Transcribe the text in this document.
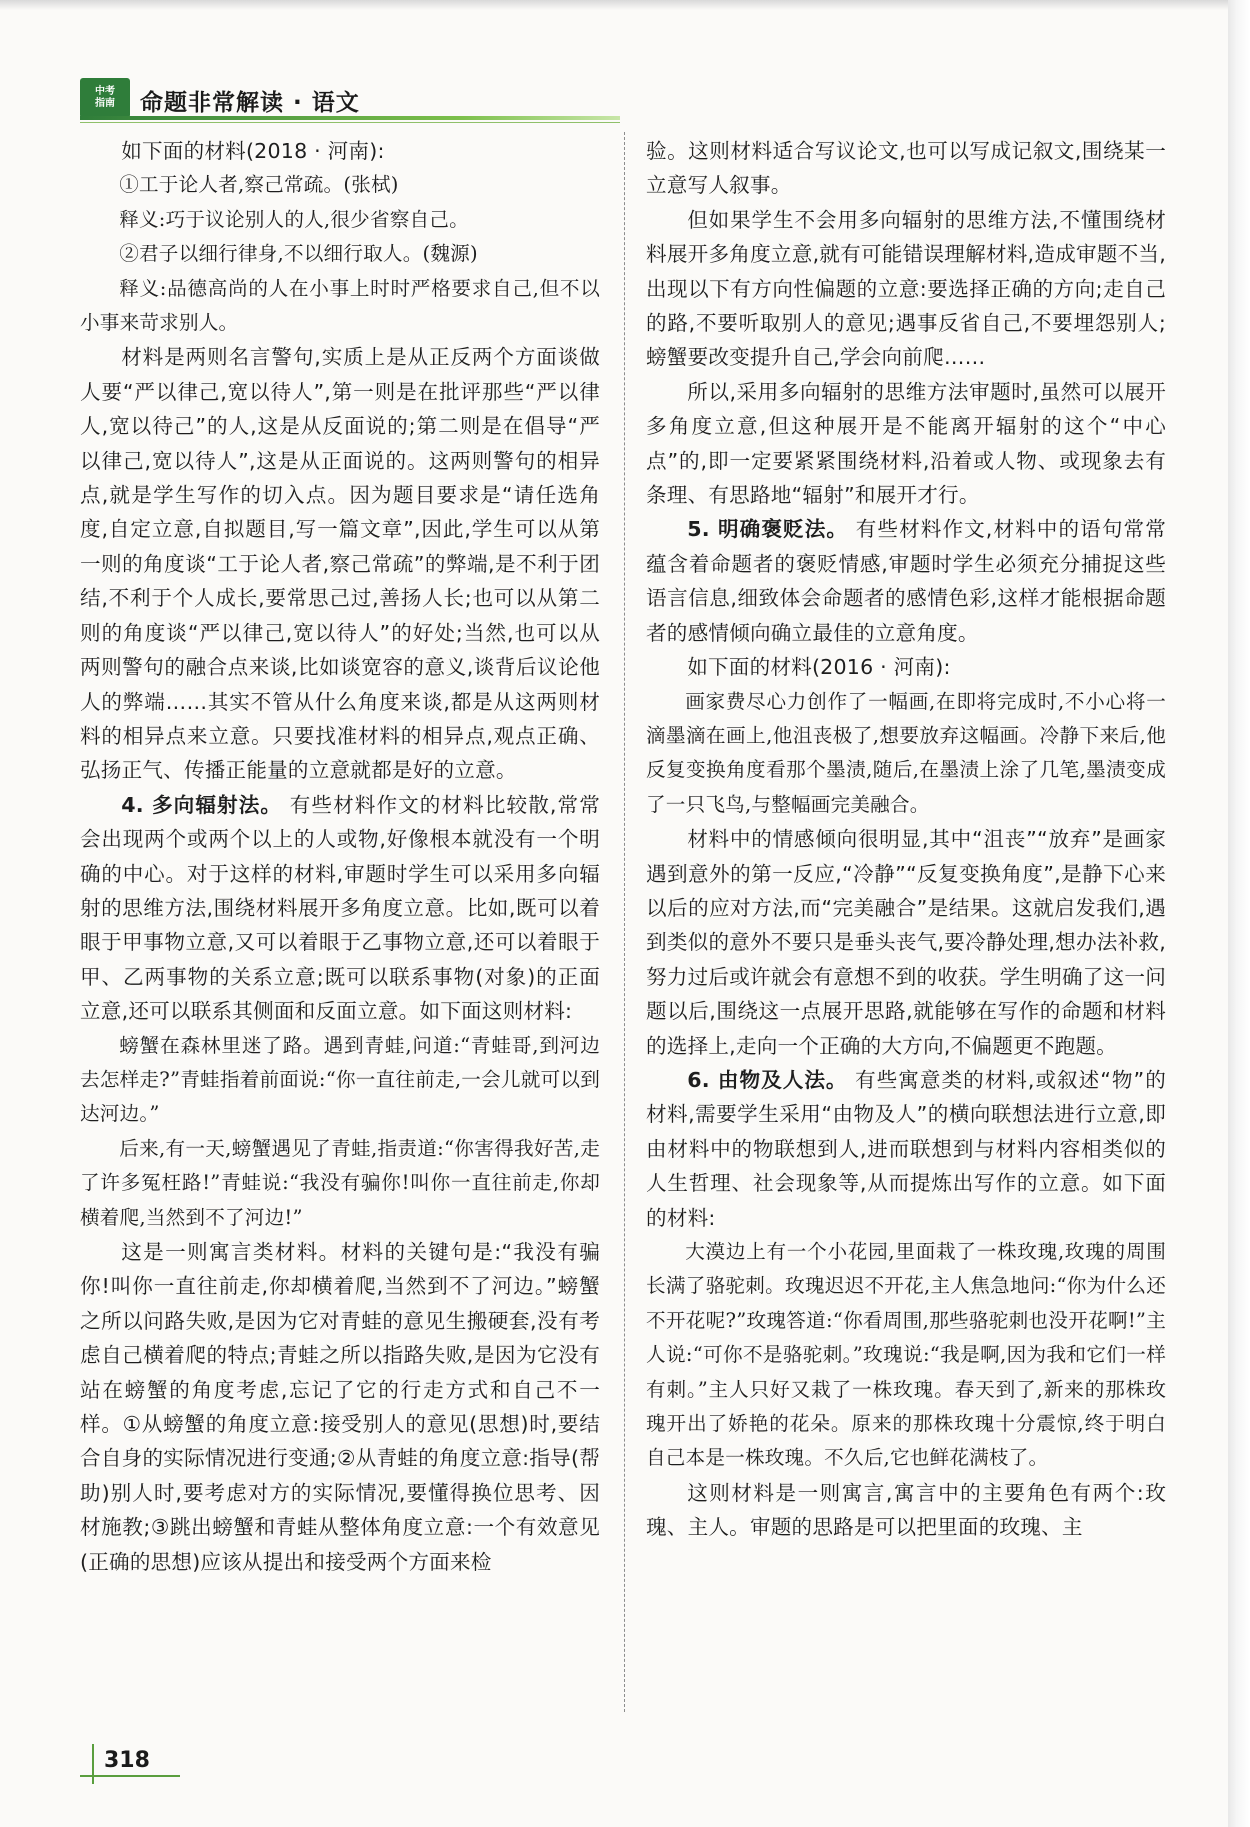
中考
指南 命题非常解读 · 语文

如下面的材料(2018 · 河南):

①工于论人者,察己常疏。(张栻)

释义:巧于议论别人的人,很少省察自己。

②君子以细行律身,不以细行取人。(魏源)

释义:品德高尚的人在小事上时时严格要求自己,但不以小事来苛求别人。

材料是两则名言警句,实质上是从正反两个方面谈做人要“严以律己,宽以待人”,第一则是在批评那些“严以律人,宽以待己”的人,这是从反面说的;第二则是在倡导“严以律己,宽以待人”,这是从正面说的。这两则警句的相异点,就是学生写作的切入点。因为题目要求是“请任选角度,自定立意,自拟题目,写一篇文章”,因此,学生可以从第一则的角度谈“工于论人者,察己常疏”的弊端,是不利于团结,不利于个人成长,要常思己过,善扬人长;也可以从第二则的角度谈“严以律己,宽以待人”的好处;当然,也可以从两则警句的融合点来谈,比如谈宽容的意义,谈背后议论他人的弊端……其实不管从什么角度来谈,都是从这两则材料的相异点来立意。只要找准材料的相异点,观点正确、弘扬正气、传播正能量的立意就都是好的立意。

4. 多向辐射法。 有些材料作文的材料比较散,常常会出现两个或两个以上的人或物,好像根本就没有一个明确的中心。对于这样的材料,审题时学生可以采用多向辐射的思维方法,围绕材料展开多角度立意。比如,既可以着眼于甲事物立意,又可以着眼于乙事物立意,还可以着眼于甲、乙两事物的关系立意;既可以联系事物(对象)的正面立意,还可以联系其侧面和反面立意。如下面这则材料:

螃蟹在森林里迷了路。遇到青蛙,问道:“青蛙哥,到河边去怎样走?”青蛙指着前面说:“你一直往前走,一会儿就可以到达河边。”

后来,有一天,螃蟹遇见了青蛙,指责道:“你害得我好苦,走了许多冤枉路!”青蛙说:“我没有骗你!叫你一直往前走,你却横着爬,当然到不了河边!”

这是一则寓言类材料。材料的关键句是:“我没有骗你!叫你一直往前走,你却横着爬,当然到不了河边。”螃蟹之所以问路失败,是因为它对青蛙的意见生搬硬套,没有考虑自己横着爬的特点;青蛙之所以指路失败,是因为它没有站在螃蟹的角度考虑,忘记了它的行走方式和自己不一样。①从螃蟹的角度立意:接受别人的意见(思想)时,要结合自身的实际情况进行变通;②从青蛙的角度立意:指导(帮助)别人时,要考虑对方的实际情况,要懂得换位思考、因材施教;③跳出螃蟹和青蛙从整体角度立意:一个有效意见(正确的思想)应该从提出和接受两个方面来检

验。这则材料适合写议论文,也可以写成记叙文,围绕某一立意写人叙事。

但如果学生不会用多向辐射的思维方法,不懂围绕材料展开多角度立意,就有可能错误理解材料,造成审题不当,出现以下有方向性偏题的立意:要选择正确的方向;走自己的路,不要听取别人的意见;遇事反省自己,不要埋怨别人;螃蟹要改变提升自己,学会向前爬……

所以,采用多向辐射的思维方法审题时,虽然可以展开多角度立意,但这种展开是不能离开辐射的这个“中心点”的,即一定要紧紧围绕材料,沿着或人物、或现象去有条理、有思路地“辐射”和展开才行。

5. 明确褒贬法。 有些材料作文,材料中的语句常常蕴含着命题者的褒贬情感,审题时学生必须充分捕捉这些语言信息,细致体会命题者的感情色彩,这样才能根据命题者的感情倾向确立最佳的立意角度。

如下面的材料(2016 · 河南):

画家费尽心力创作了一幅画,在即将完成时,不小心将一滴墨滴在画上,他沮丧极了,想要放弃这幅画。冷静下来后,他反复变换角度看那个墨渍,随后,在墨渍上涂了几笔,墨渍变成了一只飞鸟,与整幅画完美融合。

材料中的情感倾向很明显,其中“沮丧”“放弃”是画家遇到意外的第一反应,“冷静”“反复变换角度”,是静下心来以后的应对方法,而“完美融合”是结果。这就启发我们,遇到类似的意外不要只是垂头丧气,要冷静处理,想办法补救,努力过后或许就会有意想不到的收获。学生明确了这一问题以后,围绕这一点展开思路,就能够在写作的命题和材料的选择上,走向一个正确的大方向,不偏题更不跑题。

6. 由物及人法。 有些寓意类的材料,或叙述“物”的材料,需要学生采用“由物及人”的横向联想法进行立意,即由材料中的物联想到人,进而联想到与材料内容相类似的人生哲理、社会现象等,从而提炼出写作的立意。如下面的材料:

大漠边上有一个小花园,里面栽了一株玫瑰,玫瑰的周围长满了骆驼刺。玫瑰迟迟不开花,主人焦急地问:“你为什么还不开花呢?”玫瑰答道:“你看周围,那些骆驼刺也没开花啊!”主人说:“可你不是骆驼刺。”玫瑰说:“我是啊,因为我和它们一样有刺。”主人只好又栽了一株玫瑰。春天到了,新来的那株玫瑰开出了娇艳的花朵。原来的那株玫瑰十分震惊,终于明白自己本是一株玫瑰。不久后,它也鲜花满枝了。

这则材料是一则寓言,寓言中的主要角色有两个:玫瑰、主人。审题的思路是可以把里面的玫瑰、主

318
